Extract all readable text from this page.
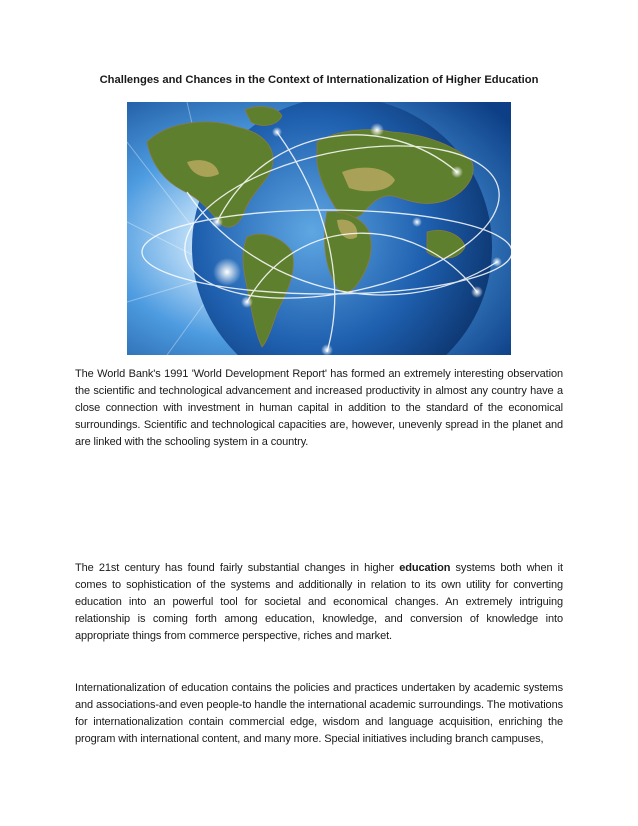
Challenges and Chances in the Context of Internationalization of Higher Education

The World Bank's 1991 'World Development Report' has formed an extremely interesting observation the scientific and technological advancement and increased productivity in almost any country have a close connection with investment in human capital in addition to the standard of the economical surroundings. Scientific and technological capacities are, however, unevenly spread in the planet and are linked with the schooling system in a country.

The 21st century has found fairly substantial changes in higher education systems both when it comes to sophistication of the systems and additionally in relation to its own utility for converting education into an powerful tool for societal and economical changes. An extremely intriguing relationship is coming forth among education, knowledge, and conversion of knowledge into appropriate things from commerce perspective, riches and market.

Internationalization of education contains the policies and practices undertaken by academic systems and associations-and even people-to handle the international academic surroundings. The motivations for internationalization contain commercial edge, wisdom and language acquisition, enriching the program with international content, and many more. Special initiatives including branch campuses,
